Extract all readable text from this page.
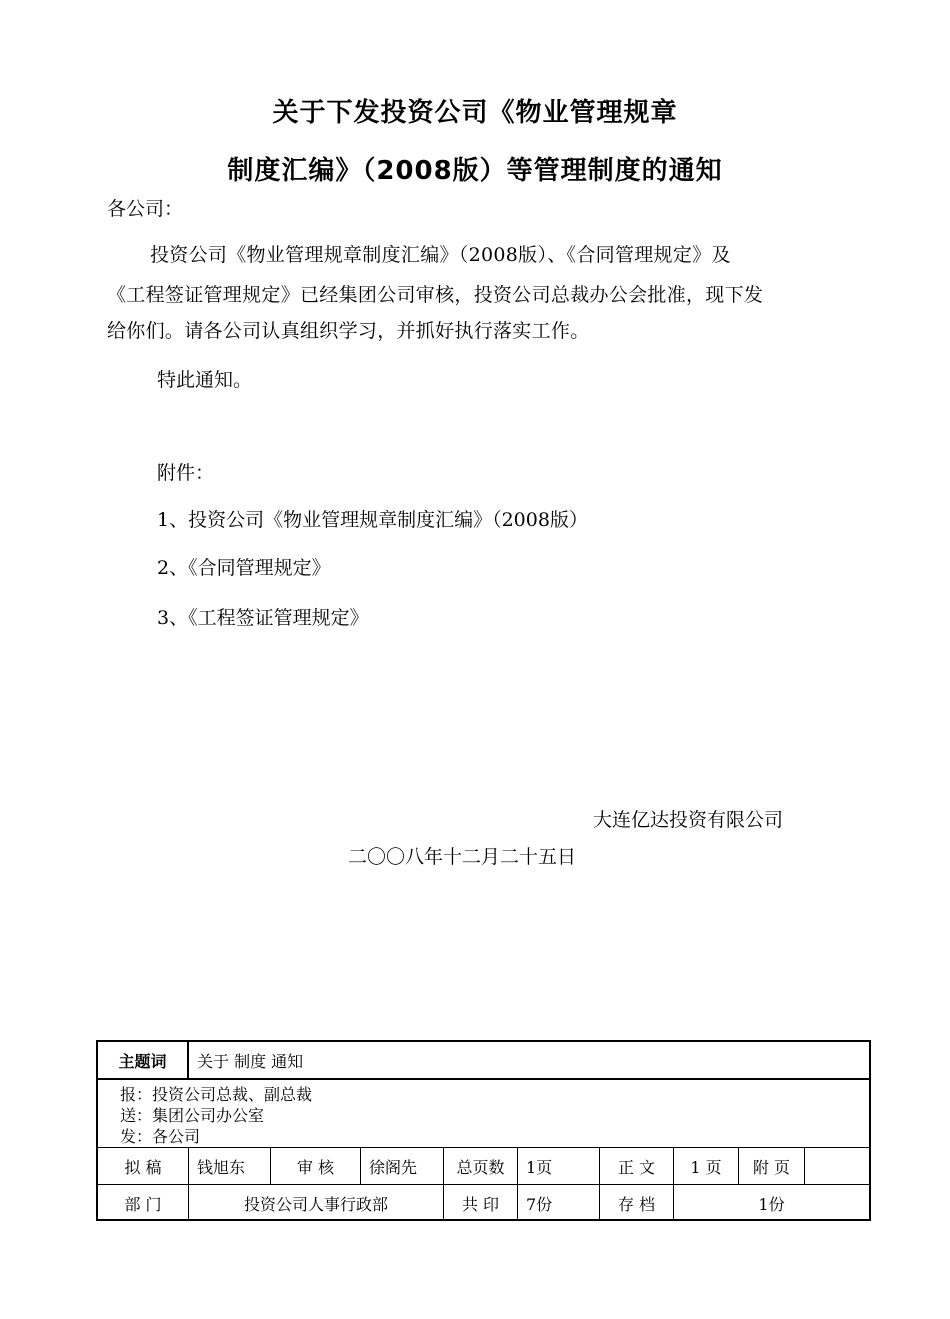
关于下发投资公司《物业管理规章
制度汇编》（2008版）等管理制度的通知
各公司：
投资公司《物业管理规章制度汇编》（2008版）、《合同管理规定》及
《工程签证管理规定》已经集团公司审核，投资公司总裁办公会批准，现下发
给你们。请各公司认真组织学习，并抓好执行落实工作。
特此通知。
附件：
1、投资公司《物业管理规章制度汇编》（2008版）
2、《合同管理规定》
3、《工程签证管理规定》
大连亿达投资有限公司
二〇〇八年十二月二十五日
主题词	关于 制度 通知
报：投资公司总裁、副总裁
送：集团公司办公室
发：各公司
拟 稿	钱旭东	审 核	徐阁先	总页数	1页	正 文	1 页	附 页
部 门	投资公司人事行政部	共 印	7份	存 档	1份
